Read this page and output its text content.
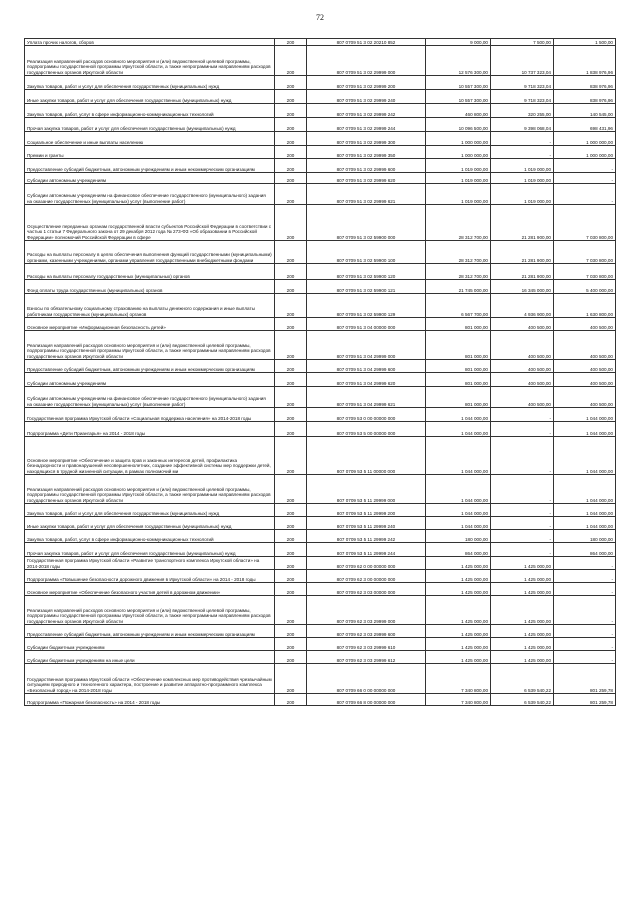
72
Уплата прочих налогов, сборов	200	807 0709 51 3 02 20210 852	9 000,00	7 500,00	1 500,00
Реализация направлений расходов основного мероприятия и (или) ведомственной целевой программы, подпрограммы государственной программы Иркутской области, а также непрограммным направлениям расходов государственных органов Иркутской области	200	807 0709 51 3 02 29999 000	12 576 300,00	10 737 323,04	1 838 976,96
Закупка товаров, работ и услуг для обеспечения государственных (муниципальных) нужд	200	807 0709 51 3 02 29999 200	10 557 300,00	9 718 323,04	838 976,96
Иные закупки товаров, работ и услуг для обеспечения государственных (муниципальных) нужд	200	807 0709 51 3 02 29999 240	10 557 300,00	9 718 323,04	838 976,96
Закупка товаров, работ, услуг в сфере информационно-коммуникационных технологий	200	807 0709 51 3 02 29999 242	460 800,00	320 255,00	140 545,00
Прочая закупка товаров, работ и услуг для обеспечения государственных (муниципальных) нужд	200	807 0709 51 3 02 29999 244	10 096 500,00	9 398 068,04	698 431,96
Социальное обеспечение и иные выплаты населению	200	807 0709 51 3 02 29999 300	1 000 000,00	-	1 000 000,00
Премии и гранты	200	807 0709 51 3 02 29999 350	1 000 000,00	-	1 000 000,00
Предоставление субсидий бюджетным, автономным учреждениям и иным некоммерческим организациям	200	807 0709 51 3 02 29999 600	1 019 000,00	1 019 000,00	-
Субсидии автономным учреждениям	200	807 0709 51 3 02 29999 620	1 019 000,00	1 019 000,00	-
Субсидии автономным учреждениям на финансовое обеспечение государственного (муниципального) задания на оказание государственных (муниципальных) услуг (выполнение работ)	200	807 0709 51 3 02 29999 621	1 019 000,00	1 019 000,00	-
Осуществление переданных органам государственной власти субъектов Российской Федерации в соответствии с частью 1 статьи 7 Федерального закона от 29 декабря 2012 года № 273-ФЗ «Об образовании в Российской Федерации» полномочий Российской Федерации в сфере	200	807 0709 51 3 02 59900 000	28 312 700,00	21 281 900,00	7 030 800,00
Расходы на выплаты персоналу в целях обеспечения выполнения функций государственными (муниципальными) органами, казенными учреждениями, органами управления государственными внебюджетными фондами	200	807 0709 51 3 02 59900 100	28 312 700,00	21 281 900,00	7 030 800,00
Расходы на выплаты персоналу государственных (муниципальных) органов	200	807 0709 51 3 02 59900 120	28 312 700,00	21 281 900,00	7 030 800,00
Фонд оплаты труда государственных (муниципальных) органов	200	807 0709 51 3 02 59900 121	21 745 000,00	16 345 000,00	5 400 000,00
Взносы по обязательному социальному страхованию на выплаты денежного содержания и иные выплаты работникам государственных (муниципальных) органов	200	807 0709 51 3 02 59900 129	6 567 700,00	4 936 900,00	1 630 800,00
Основное мероприятие «Информационная безопасность детей»	200	807 0709 51 3 04 00000 000	801 000,00	400 500,00	400 500,00
Реализация направлений расходов основного мероприятия и (или) ведомственной целевой программы, подпрограммы государственной программы Иркутской области, а также непрограммным направлениям расходов государственных органов Иркутской области	200	807 0709 51 3 04 29999 000	801 000,00	400 500,00	400 500,00
Предоставление субсидий бюджетным, автономным учреждениям и иным некоммерческим организациям	200	807 0709 51 3 04 29999 600	801 000,00	400 500,00	400 500,00
Субсидии автономным учреждениям	200	807 0709 51 3 04 29999 620	801 000,00	400 500,00	400 500,00
Субсидии автономным учреждениям на финансовое обеспечение государственного (муниципального) задания на оказание государственных (муниципальных) услуг (выполнение работ)	200	807 0709 51 3 04 29999 621	801 000,00	400 500,00	400 500,00
Государственная программа Иркутской области «Социальная поддержка населения» на 2014-2018 годы	200	807 0709 53 0 00 00000 000	1 044 000,00	-	1 044 000,00
Подпрограмма «Дети Приангарья» на 2014 - 2018 годы	200	807 0709 53 5 00 00000 000	1 044 000,00	-	1 044 000,00
Основное мероприятие «Обеспечение и защита прав и законных интересов детей, профилактика безнадзорности и правонарушений несовершеннолетних, создание эффективной системы мер поддержки детей, находящихся в трудной жизненной ситуации, в рамках полномочий ми	200	807 0709 53 5 11 00000 000	1 044 000,00	-	1 044 000,00
Реализация направлений расходов основного мероприятия и (или) ведомственной целевой программы, подпрограммы государственной программы Иркутской области, а также непрограммным направлениям расходов государственных органов Иркутской области	200	807 0709 53 5 11 29999 000	1 044 000,00	-	1 044 000,00
Закупка товаров, работ и услуг для обеспечения государственных (муниципальных) нужд	200	807 0709 53 5 11 29999 200	1 044 000,00	-	1 044 000,00
Иные закупки товаров, работ и услуг для обеспечения государственных (муниципальных) нужд	200	807 0709 53 5 11 29999 240	1 044 000,00	-	1 044 000,00
Закупка товаров, работ, услуг в сфере информационно-коммуникационных технологий	200	807 0709 53 5 11 29999 242	180 000,00	-	180 000,00
Прочая закупка товаров, работ и услуг для обеспечения государственных (муниципальных) нужд	200	807 0709 53 5 11 29999 244	864 000,00	-	864 000,00
Государственная программа Иркутской области «Развитие транспортного комплекса Иркутской области» на 2014-2018 годы	200	807 0709 62 0 00 00000 000	1 425 000,00	1 425 000,00	-
Подпрограмма «Повышение безопасности дорожного движения в Иркутской области» на 2014 - 2018 годы	200	807 0709 62 3 00 00000 000	1 425 000,00	1 425 000,00	-
Основное мероприятие «Обеспечение безопасного участия детей в дорожном движении»	200	807 0709 62 3 03 00000 000	1 425 000,00	1 425 000,00	-
Реализация направлений расходов основного мероприятия и (или) ведомственной целевой программы, подпрограммы государственной программы Иркутской области, а также непрограммным направлениям расходов государственных органов Иркутской области	200	807 0709 62 3 03 29999 000	1 425 000,00	1 425 000,00	-
Предоставление субсидий бюджетным, автономным учреждениям и иным некоммерческим организациям	200	807 0709 62 3 03 29999 600	1 425 000,00	1 425 000,00	-
Субсидии бюджетным учреждениям	200	807 0709 62 3 03 29999 610	1 425 000,00	1 425 000,00	-
Субсидии бюджетным учреждениям на иные цели	200	807 0709 62 3 03 29999 612	1 425 000,00	1 425 000,00	-
Государственная программа Иркутской области «Обеспечение комплексных мер противодействия чрезвычайным ситуациям природного и техногенного характера, построение и развитие аппаратно-программного комплекса «Безопасный город» на 2014-2018 годы	200	807 0709 66 0 00 00000 000	7 340 800,00	6 539 540,22	801 259,78
Подпрограмма «Пожарная безопасность» на 2014 - 2018 годы	200	807 0709 66 8 00 00000 000	7 340 800,00	6 539 540,22	801 259,78
